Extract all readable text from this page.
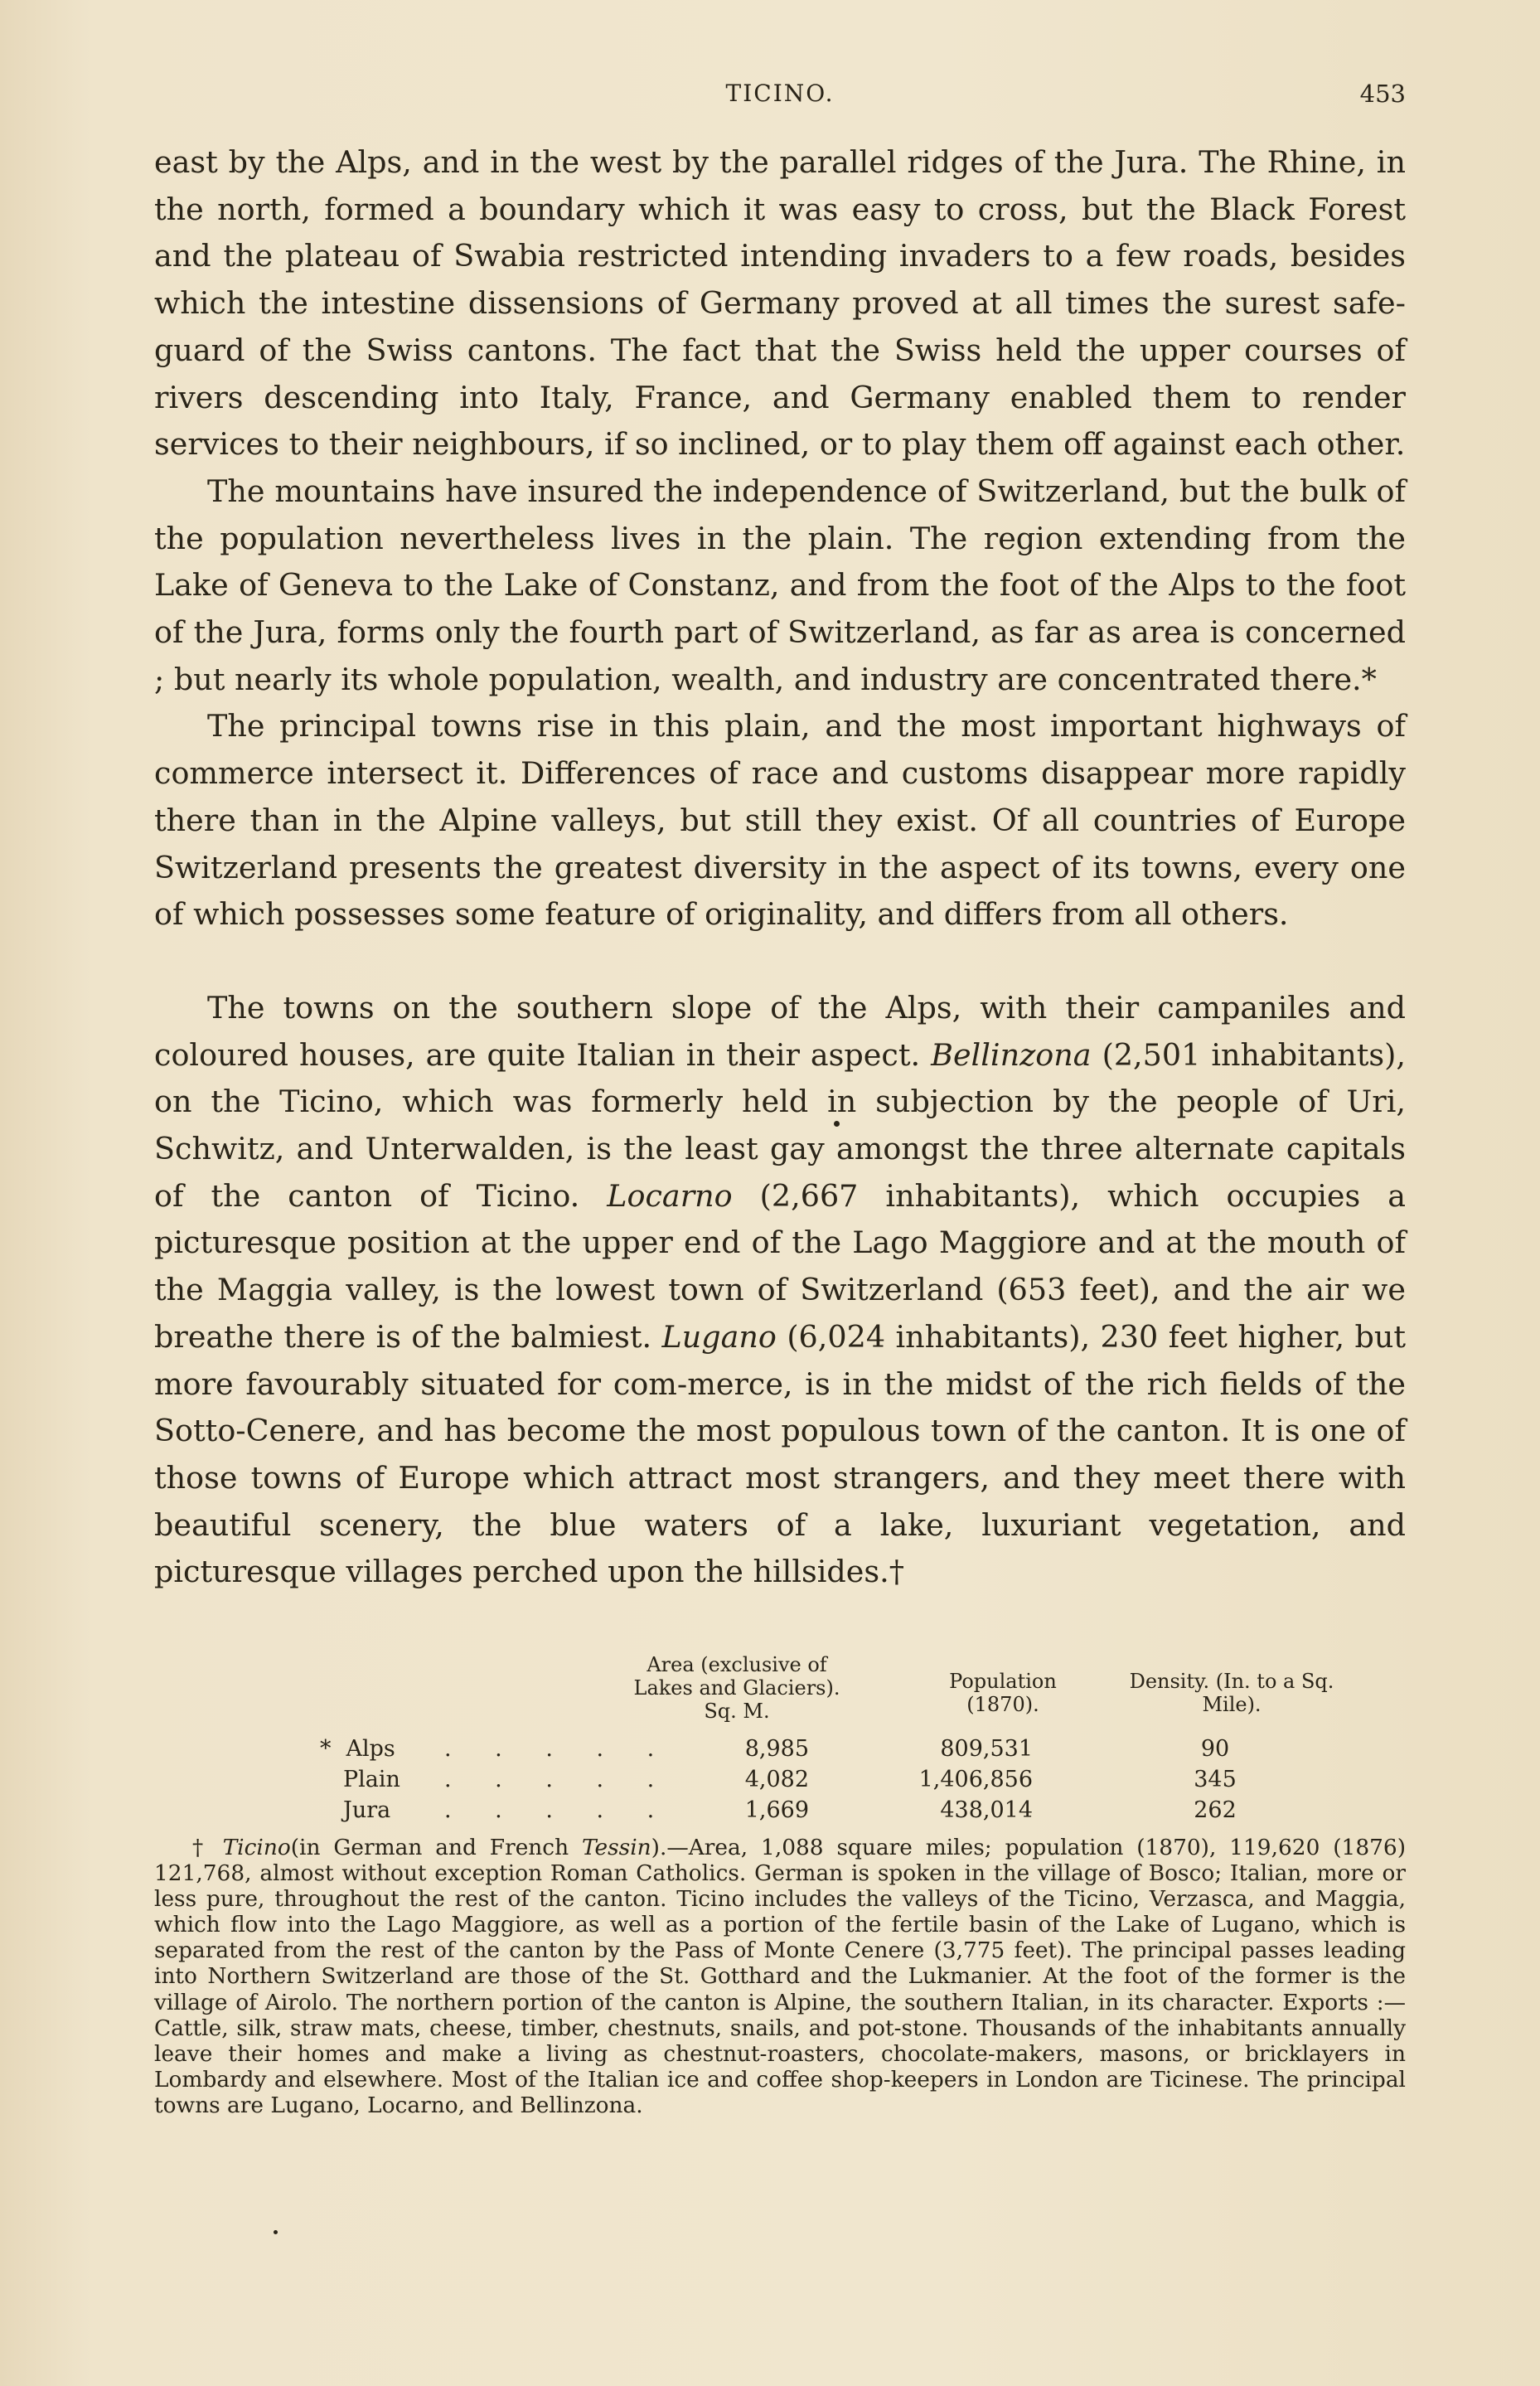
TICINO.	453

east by the Alps, and in the west by the parallel ridges of the Jura. The Rhine, in the north, formed a boundary which it was easy to cross, but the Black Forest and the plateau of Swabia restricted intending invaders to a few roads, besides which the intestine dissensions of Germany proved at all times the surest safe-guard of the Swiss cantons. The fact that the Swiss held the upper courses of rivers descending into Italy, France, and Germany enabled them to render services to their neighbours, if so inclined, or to play them off against each other.

The mountains have insured the independence of Switzerland, but the bulk of the population nevertheless lives in the plain. The region extending from the Lake of Geneva to the Lake of Constanz, and from the foot of the Alps to the foot of the Jura, forms only the fourth part of Switzerland, as far as area is concerned ; but nearly its whole population, wealth, and industry are concentrated there.*

The principal towns rise in this plain, and the most important highways of commerce intersect it. Differences of race and customs disappear more rapidly there than in the Alpine valleys, but still they exist. Of all countries of Europe Switzerland presents the greatest diversity in the aspect of its towns, every one of which possesses some feature of originality, and differs from all others.

The towns on the southern slope of the Alps, with their campaniles and coloured houses, are quite Italian in their aspect. Bellinzona (2,501 inhabitants), on the Ticino, which was formerly held in subjection by the people of Uri, Schwitz, and Unterwalden, is the least gay amongst the three alternate capitals of the canton of Ticino. Locarno (2,667 inhabitants), which occupies a picturesque position at the upper end of the Lago Maggiore and at the mouth of the Maggia valley, is the lowest town of Switzerland (653 feet), and the air we breathe there is of the balmiest. Lugano (6,024 inhabitants), 230 feet higher, but more favourably situated for com-merce, is in the midst of the rich fields of the Sotto-Cenere, and has become the most populous town of the canton. It is one of those towns of Europe which attract most strangers, and they meet there with beautiful scenery, the blue waters of a lake, luxuriant vegetation, and picturesque villages perched upon the hillsides.†

Area (exclusive of Lakes and Glaciers). Sq. M.
Population (1870).
Density. (In. to a Sq. Mile).
* Alps . . . . .	8,985	809,531	90
Plain . . . . .	4,082	1,406,856	345
Jura . . . . .	1,669	438,014	262

† Ticino(in German and French Tessin).—Area, 1,088 square miles; population (1870), 119,620 (1876) 121,768, almost without exception Roman Catholics. German is spoken in the village of Bosco; Italian, more or less pure, throughout the rest of the canton. Ticino includes the valleys of the Ticino, Verzasca, and Maggia, which flow into the Lago Maggiore, as well as a portion of the fertile basin of the Lake of Lugano, which is separated from the rest of the canton by the Pass of Monte Cenere (3,775 feet). The principal passes leading into Northern Switzerland are those of the St. Gotthard and the Lukmanier. At the foot of the former is the village of Airolo. The northern portion of the canton is Alpine, the southern Italian, in its character. Exports :—Cattle, silk, straw mats, cheese, timber, chestnuts, snails, and pot-stone. Thousands of the inhabitants annually leave their homes and make a living as chestnut-roasters, chocolate-makers, masons, or bricklayers in Lombardy and elsewhere. Most of the Italian ice and coffee shop-keepers in London are Ticinese. The principal towns are Lugano, Locarno, and Bellinzona.
